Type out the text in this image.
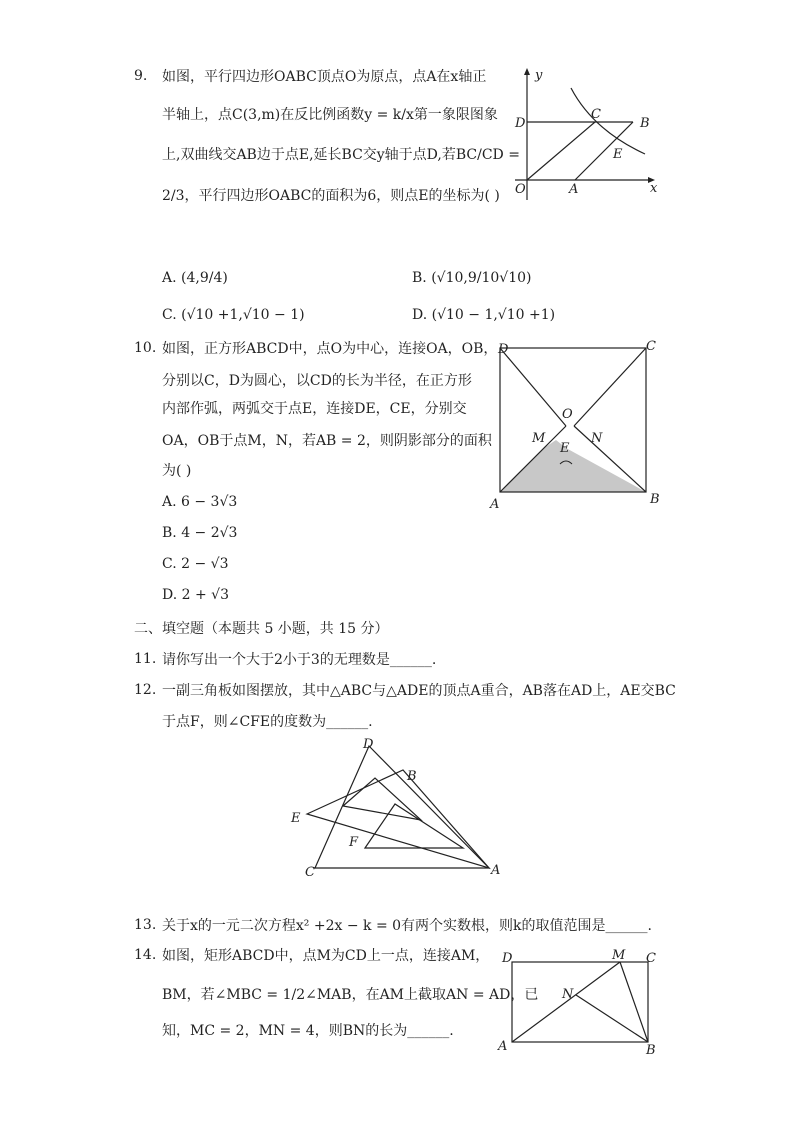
9. 如图，平行四边形OABC顶点O为原点，点A在x轴正
半轴上，点C(3,m)在反比例函数y = k/x第一象限图象
上,双曲线交AB边于点E,延长BC交y轴于点D,若BC/CD =
2/3，平行四边形OABC的面积为6，则点E的坐标为( )
y
D
C
B
E
O	A	x
A. (4,9/4)	B. (√10,9/10√10)
C. (√10 +1,√10 − 1)	D. (√10 − 1,√10 +1)
10. 如图，正方形ABCD中，点O为中心，连接OA，OB，
分别以C，D为圆心，以CD的长为半径，在正方形
内部作弧，两弧交于点E，连接DE，CE，分别交
OA，OB于点M，N，若AB = 2，则阴影部分的面积
为( )
D	C
O
M	N
E
A	B
A. 6 − 3√3
B. 4 − 2√3
C. 2 − √3
D. 2 + √3
二、填空题（本题共 5 小题，共 15 分）
11. 请你写出一个大于2小于3的无理数是______.
12. 一副三角板如图摆放，其中△ABC与△ADE的顶点A重合，AB落在AD上，AE交BC
于点F，则∠CFE的度数为______.
D
B
E
F
C	A
13. 关于x的一元二次方程x² +2x − k = 0有两个实数根，则k的取值范围是______.
14. 如图，矩形ABCD中，点M为CD上一点，连接AM，
BM，若∠MBC = 1/2∠MAB，在AM上截取AN = AD，已
知，MC = 2，MN = 4，则BN的长为______.
D	M C
N
A	B
